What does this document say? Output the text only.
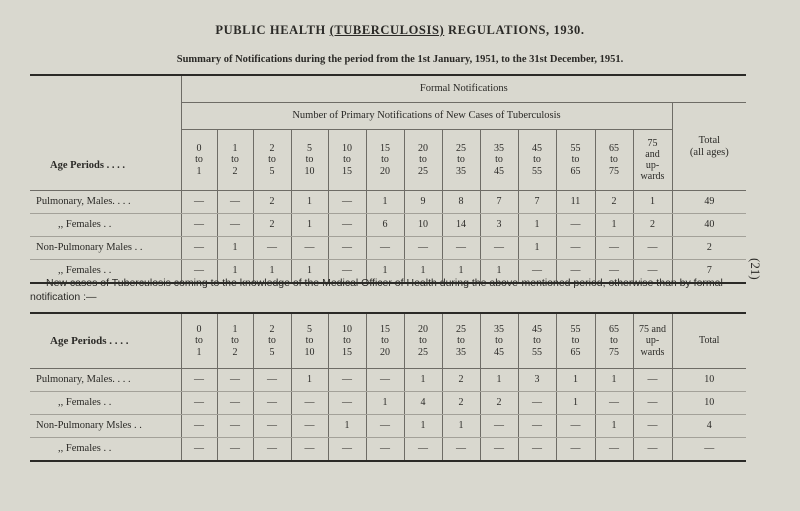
PUBLIC HEALTH (TUBERCULOSIS) REGULATIONS, 1930.
Summary of Notifications during the period from the 1st January, 1951, to the 31st December, 1951.
(21)
Age Periods . . . .	Formal Notifications													
	Number of Primary Notifications of New Cases of Tuberculosis													Total
(all ages)
	0
to
1	1
to
2	2
to
5	5
to
10	10
to
15	15
to
20	20
to
25	25
to
35	35
to
45	45
to
55	55
to
65	65
to
75	75
and
up-
wards	
Pulmonary, Males. . . .	—	—	2	1	—	1	9	8	7	7	11	2	1	49
,, Females . .	—	—	2	1	—	6	10	14	3	1	—	1	2	40
Non-Pulmonary Males . .	—	1	—	—	—	—	—	—	—	1	—	—	—	2
,, Females . .	—	1	1	1	—	1	1	1	1	—	—	—	—	7
New cases of Tuberculosis coming to the knowledge of the Medical Officer of Health during the above-mentioned period, otherwise than by formal notification :—
Age Periods . . . .	0
to
1	1
to
2	2
to
5	5
to
10	10
to
15	15
to
20	20
to
25	25
to
35	35
to
45	45
to
55	55
to
65	65
to
75	75 and
up-
wards	Total
Pulmonary, Males. . . .	—	—	—	1	—	—	1	2	1	3	1	1	—	10
,, Females . .	—	—	—	—	—	1	4	2	2	—	1	—	—	10
Non-Pulmonary Msles . .	—	—	—	—	1	—	1	1	—	—	—	1	—	4
,, Females . .	—	—	—	—	—	—	—	—	—	—	—	—	—	—
